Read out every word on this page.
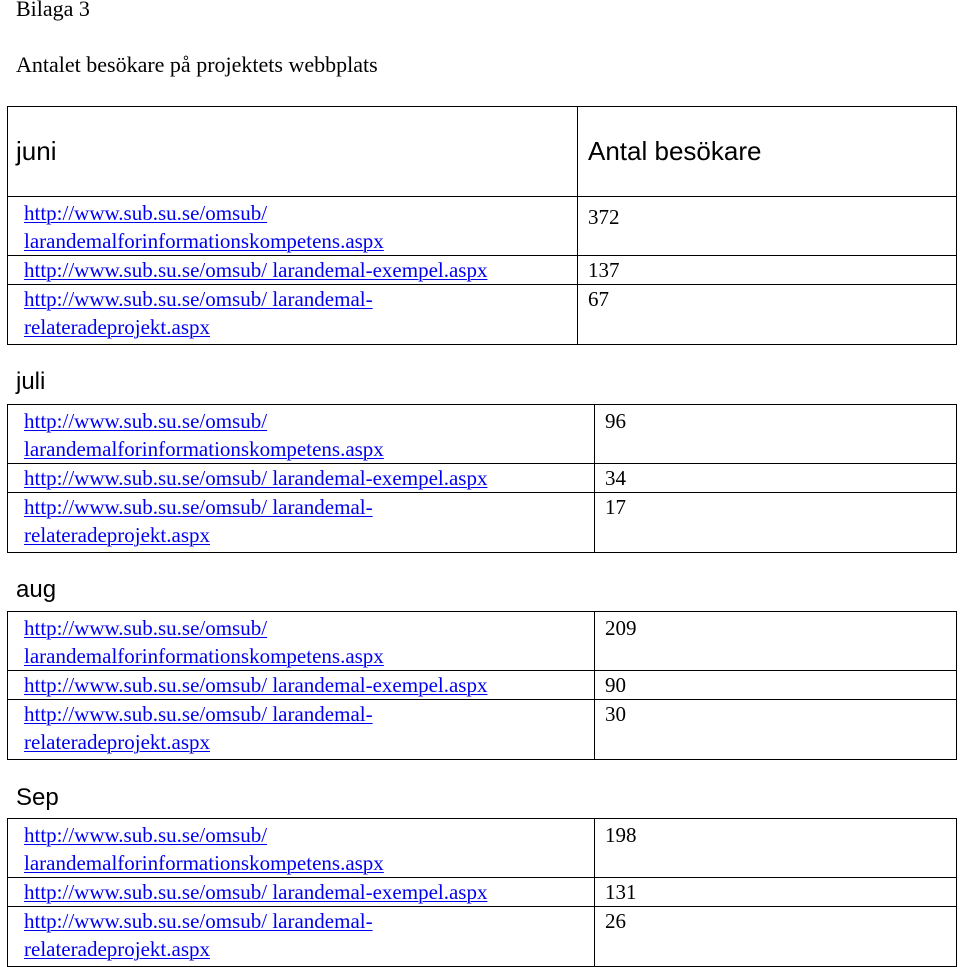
Bilaga 3
Antalet besökare på projektets webbplats
juni	Antal besökare
http://www.sub.su.se/omsub/
larandemalforinformationskompetens.aspx	372
http://www.sub.su.se/omsub/ larandemal-exempel.aspx	137
http://www.sub.su.se/omsub/ larandemal-
relateradeprojekt.aspx	67
juli
http://www.sub.su.se/omsub/
larandemalforinformationskompetens.aspx	96
http://www.sub.su.se/omsub/ larandemal-exempel.aspx	34
http://www.sub.su.se/omsub/ larandemal-
relateradeprojekt.aspx	17
aug
http://www.sub.su.se/omsub/
larandemalforinformationskompetens.aspx	209
http://www.sub.su.se/omsub/ larandemal-exempel.aspx	90
http://www.sub.su.se/omsub/ larandemal-
relateradeprojekt.aspx	30
Sep
http://www.sub.su.se/omsub/
larandemalforinformationskompetens.aspx	198
http://www.sub.su.se/omsub/ larandemal-exempel.aspx	131
http://www.sub.su.se/omsub/ larandemal-
relateradeprojekt.aspx	26
